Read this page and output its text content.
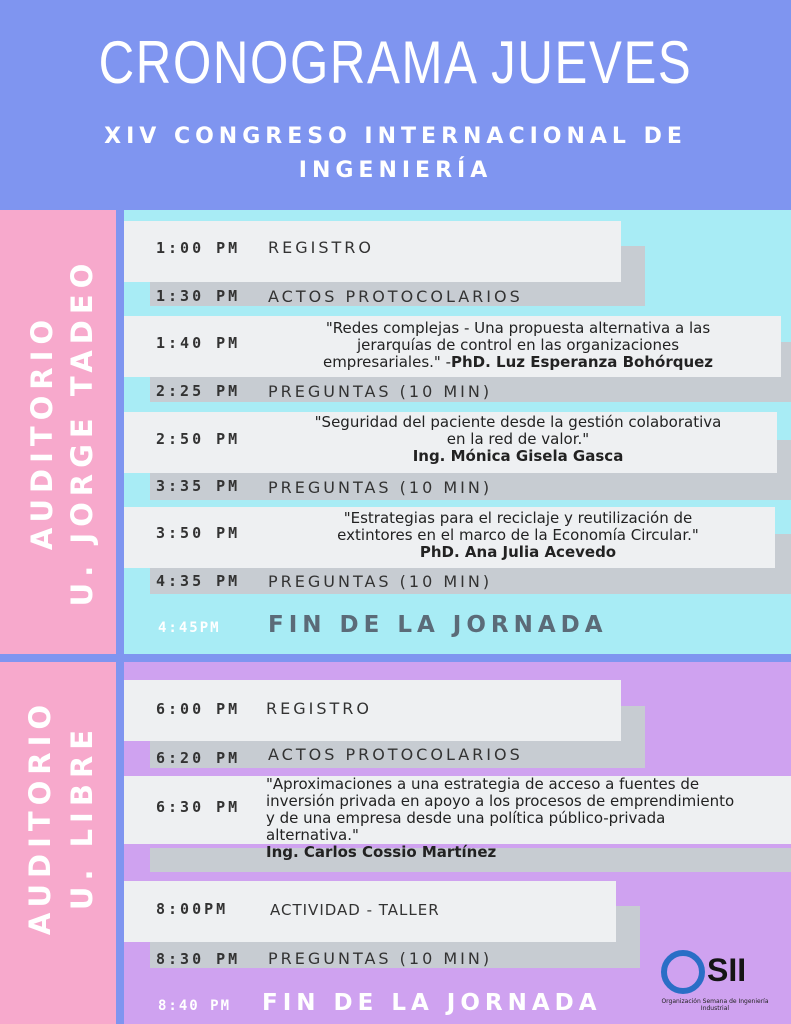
CRONOGRAMA JUEVES
XIV CONGRESO INTERNACIONAL DE
INGENIERÍA
AUDITORIO U. JORGE TADEO
AUDITORIO U. LIBRE
1:00 PM REGISTRO
1:30 PM ACTOS PROTOCOLARIOS
1:40 PM
"Redes complejas - Una propuesta alternativa a las
jerarquías de control en las organizaciones
empresariales." -PhD. Luz Esperanza Bohórquez
2:25 PM PREGUNTAS (10 MIN)
2:50 PM
"Seguridad del paciente desde la gestión colaborativa
en la red de valor."
Ing. Mónica Gisela Gasca
3:35 PM PREGUNTAS (10 MIN)
3:50 PM
"Estrategias para el reciclaje y reutilización de
extintores en el marco de la Economía Circular."
PhD. Ana Julia Acevedo
4:35 PM PREGUNTAS (10 MIN)
4:45PM FIN DE LA JORNADA
6:00 PM REGISTRO
6:20 PM ACTOS PROTOCOLARIOS
6:30 PM
"Aproximaciones a una estrategia de acceso a fuentes de
inversión privada en apoyo a los procesos de emprendimiento
y de una empresa desde una política público-privada
alternativa."
Ing. Carlos Cossio Martínez
8:00PM	ACTIVIDAD - TALLER
8:30 PM PREGUNTAS (10 MIN)
8:40 PM FIN DE LA JORNADA
SII
Organización Semana de Ingeniería Industrial
